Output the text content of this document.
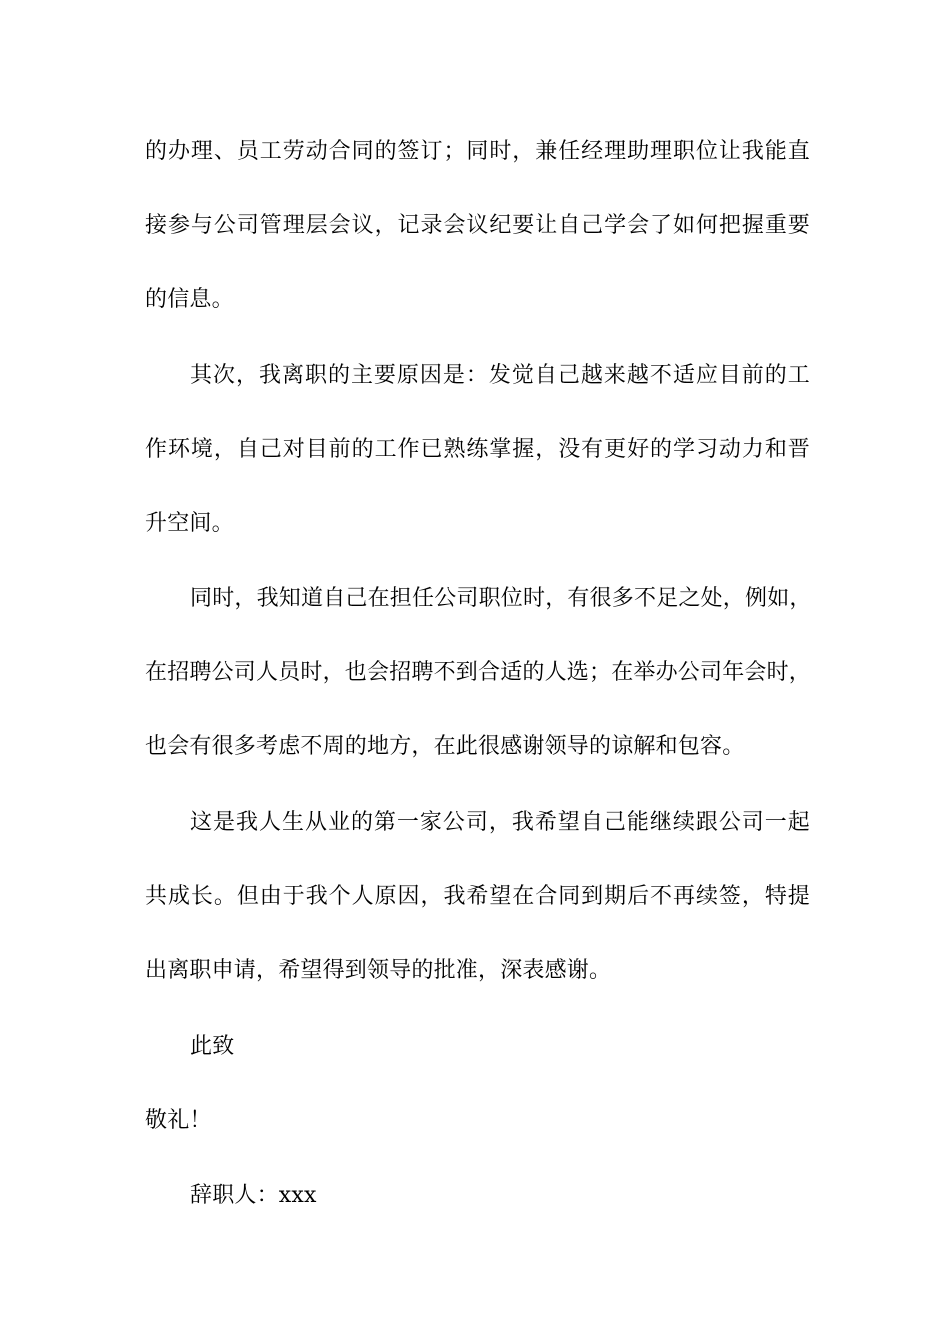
的办理、员工劳动合同的签订；同时，兼任经理助理职位让我能直
接参与公司管理层会议，记录会议纪要让自己学会了如何把握重要
的信息。
其次，我离职的主要原因是：发觉自己越来越不适应目前的工
作环境，自己对目前的工作已熟练掌握，没有更好的学习动力和晋
升空间。
同时，我知道自己在担任公司职位时，有很多不足之处，例如，
在招聘公司人员时，也会招聘不到合适的人选；在举办公司年会时，
也会有很多考虑不周的地方，在此很感谢领导的谅解和包容。
这是我人生从业的第一家公司，我希望自己能继续跟公司一起
共成长。但由于我个人原因，我希望在合同到期后不再续签，特提
出离职申请，希望得到领导的批准，深表感谢。
此致
敬礼！
辞职人：xxx
